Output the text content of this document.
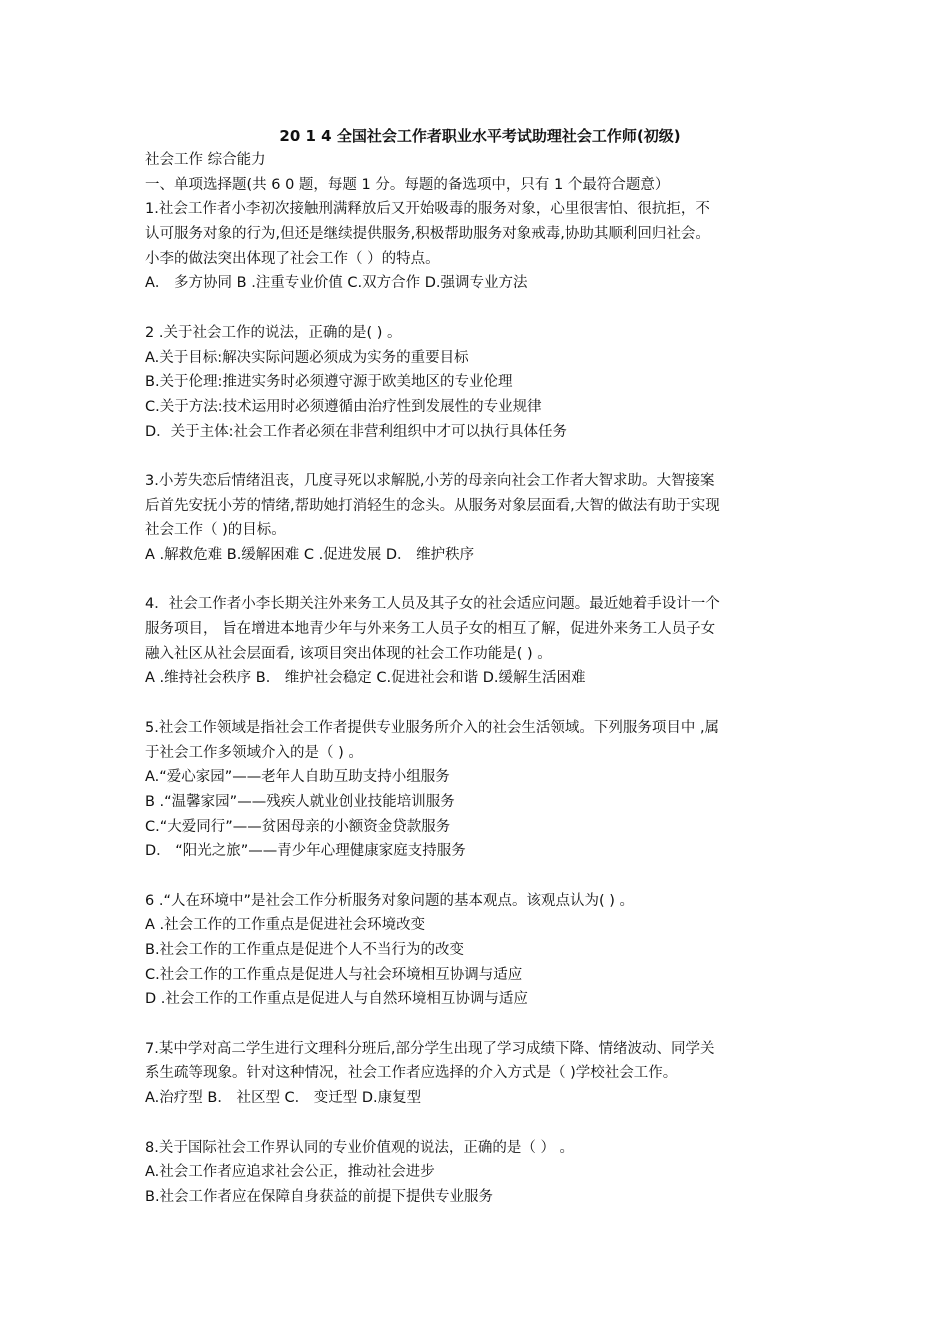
20 1 4 全国社会工作者职业水平考试助理社会工作师(初级)
社会工作 综合能力
一、单项选择题(共 6 0 题，每题 1 分。每题的备选项中，只有 1 个最符合题意）
1.社会工作者小李初次接触刑满释放后又开始吸毒的服务对象，心里很害怕、很抗拒，不
认可服务对象的行为,但还是继续提供服务,积极帮助服务对象戒毒,协助其顺利回归社会。
小李的做法突出体现了社会工作（ ）的特点。
A． 多方协同 B .注重专业价值 C.双方合作 D.强调专业方法
2 .关于社会工作的说法，正确的是( ) 。
A.关于目标:解决实际问题必须成为实务的重要目标
B.关于伦理:推进实务时必须遵守源于欧美地区的专业伦理
C.关于方法:技术运用时必须遵循由治疗性到发展性的专业规律
D．关于主体:社会工作者必须在非营利组织中才可以执行具体任务
3.小芳失恋后情绪沮丧，几度寻死以求解脱,小芳的母亲向社会工作者大智求助。大智接案
后首先安抚小芳的情绪,帮助她打消轻生的念头。从服务对象层面看,大智的做法有助于实现
社会工作（ )的目标。
A .解救危难 B.缓解困难 C .促进发展 D． 维护秩序
4．社会工作者小李长期关注外来务工人员及其子女的社会适应问题。最近她着手设计一个
服务项目， 旨在增进本地青少年与外来务工人员子女的相互了解，促进外来务工人员子女
融入社区从社会层面看, 该项目突出体现的社会工作功能是( ) 。
A .维持社会秩序 B． 维护社会稳定 C.促进社会和谐 D.缓解生活困难
5.社会工作领域是指社会工作者提供专业服务所介入的社会生活领域。下列服务项目中 ,属
于社会工作多领域介入的是（ ) 。
A.“爱心家园”——老年人自助互助支持小组服务
B .“温馨家园”——残疾人就业创业技能培训服务
C.“大爱同行”——贫困母亲的小额资金贷款服务
D． “阳光之旅”——青少年心理健康家庭支持服务
6 .“人在环境中”是社会工作分析服务对象问题的基本观点。该观点认为( ) 。
A .社会工作的工作重点是促进社会环境改变
B.社会工作的工作重点是促进个人不当行为的改变
C.社会工作的工作重点是促进人与社会环境相互协调与适应
D .社会工作的工作重点是促进人与自然环境相互协调与适应
7.某中学对高二学生进行文理科分班后,部分学生出现了学习成绩下降、情绪波动、同学关
系生疏等现象。针对这种情况，社会工作者应选择的介入方式是（ )学校社会工作。
A.治疗型 B． 社区型 C． 变迁型 D.康复型
8.关于国际社会工作界认同的专业价值观的说法，正确的是（ ） 。
A.社会工作者应追求社会公正，推动社会进步
B.社会工作者应在保障自身获益的前提下提供专业服务
